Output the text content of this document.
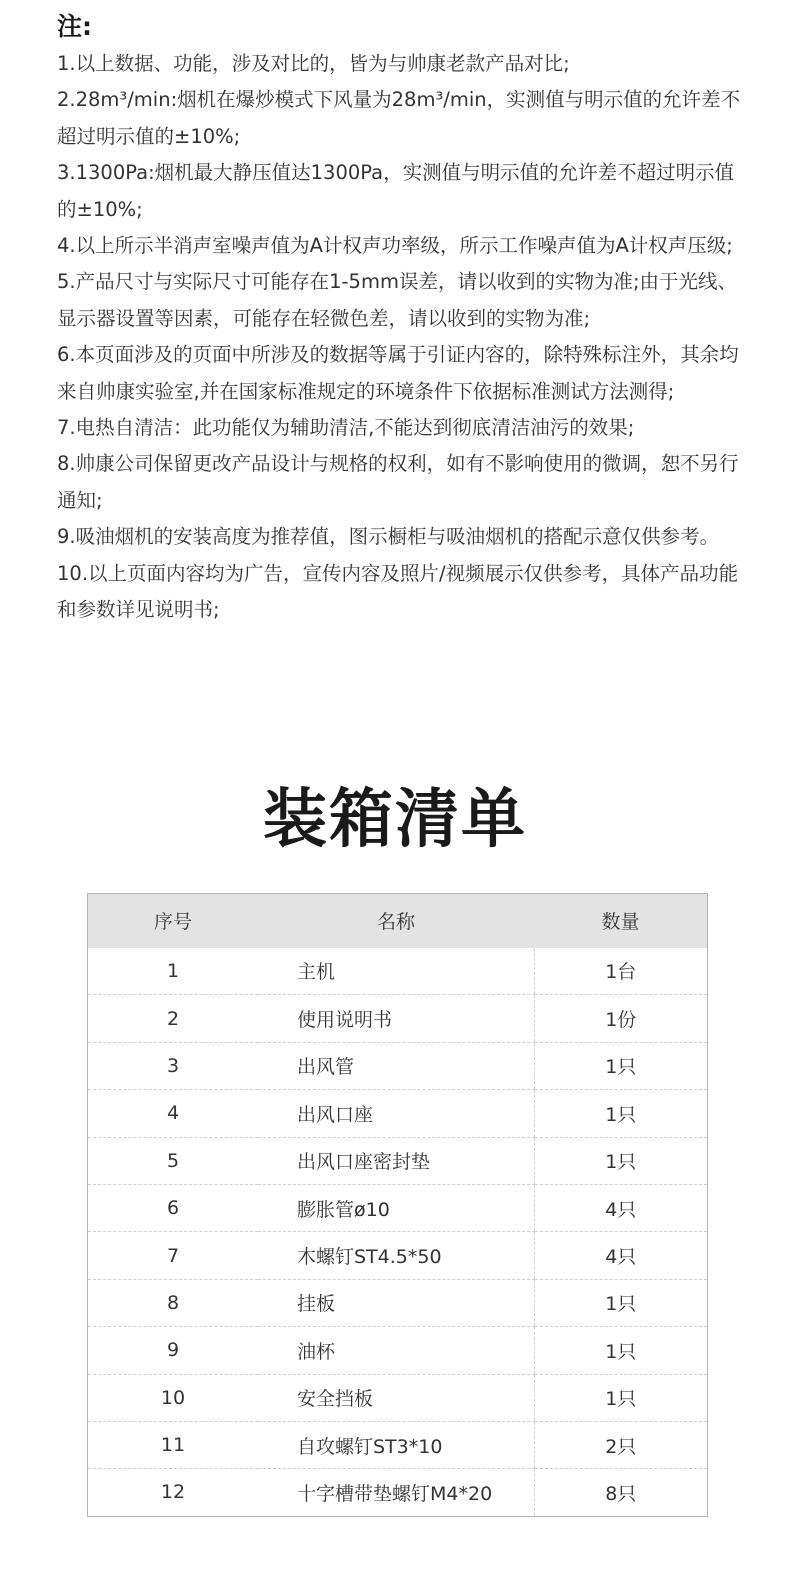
注:
1.以上数据、功能，涉及对比的，皆为与帅康老款产品对比;
2.28m³/min:烟机在爆炒模式下风量为28m³/min，实测值与明示值的允许差不超过明示值的±10%;
3.1300Pa:烟机最大静压值达1300Pa，实测值与明示值的允许差不超过明示值的±10%;
4.以上所示半消声室噪声值为A计权声功率级，所示工作噪声值为A计权声压级;
5.产品尺寸与实际尺寸可能存在1-5mm误差，请以收到的实物为准;由于光线、显示器设置等因素，可能存在轻微色差，请以收到的实物为准;
6.本页面涉及的页面中所涉及的数据等属于引证内容的，除特殊标注外，其余均来自帅康实验室,并在国家标准规定的环境条件下依据标准测试方法测得;
7.电热自清洁：此功能仅为辅助清洁,不能达到彻底清洁油污的效果;
8.帅康公司保留更改产品设计与规格的权利，如有不影响使用的微调，恕不另行通知;
9.吸油烟机的安装高度为推荐值，图示橱柜与吸油烟机的搭配示意仅供参考。
10.以上页面内容均为广告，宣传内容及照片/视频展示仅供参考，具体产品功能和参数详见说明书;
装箱清单
序号	名称	数量
1	主机	1台
2	使用说明书	1份
3	出风管	1只
4	出风口座	1只
5	出风口座密封垫	1只
6	膨胀管ø10	4只
7	木螺钉ST4.5*50	4只
8	挂板	1只
9	油杯	1只
10	安全挡板	1只
11	自攻螺钉ST3*10	2只
12	十字槽带垫螺钉M4*20	8只
